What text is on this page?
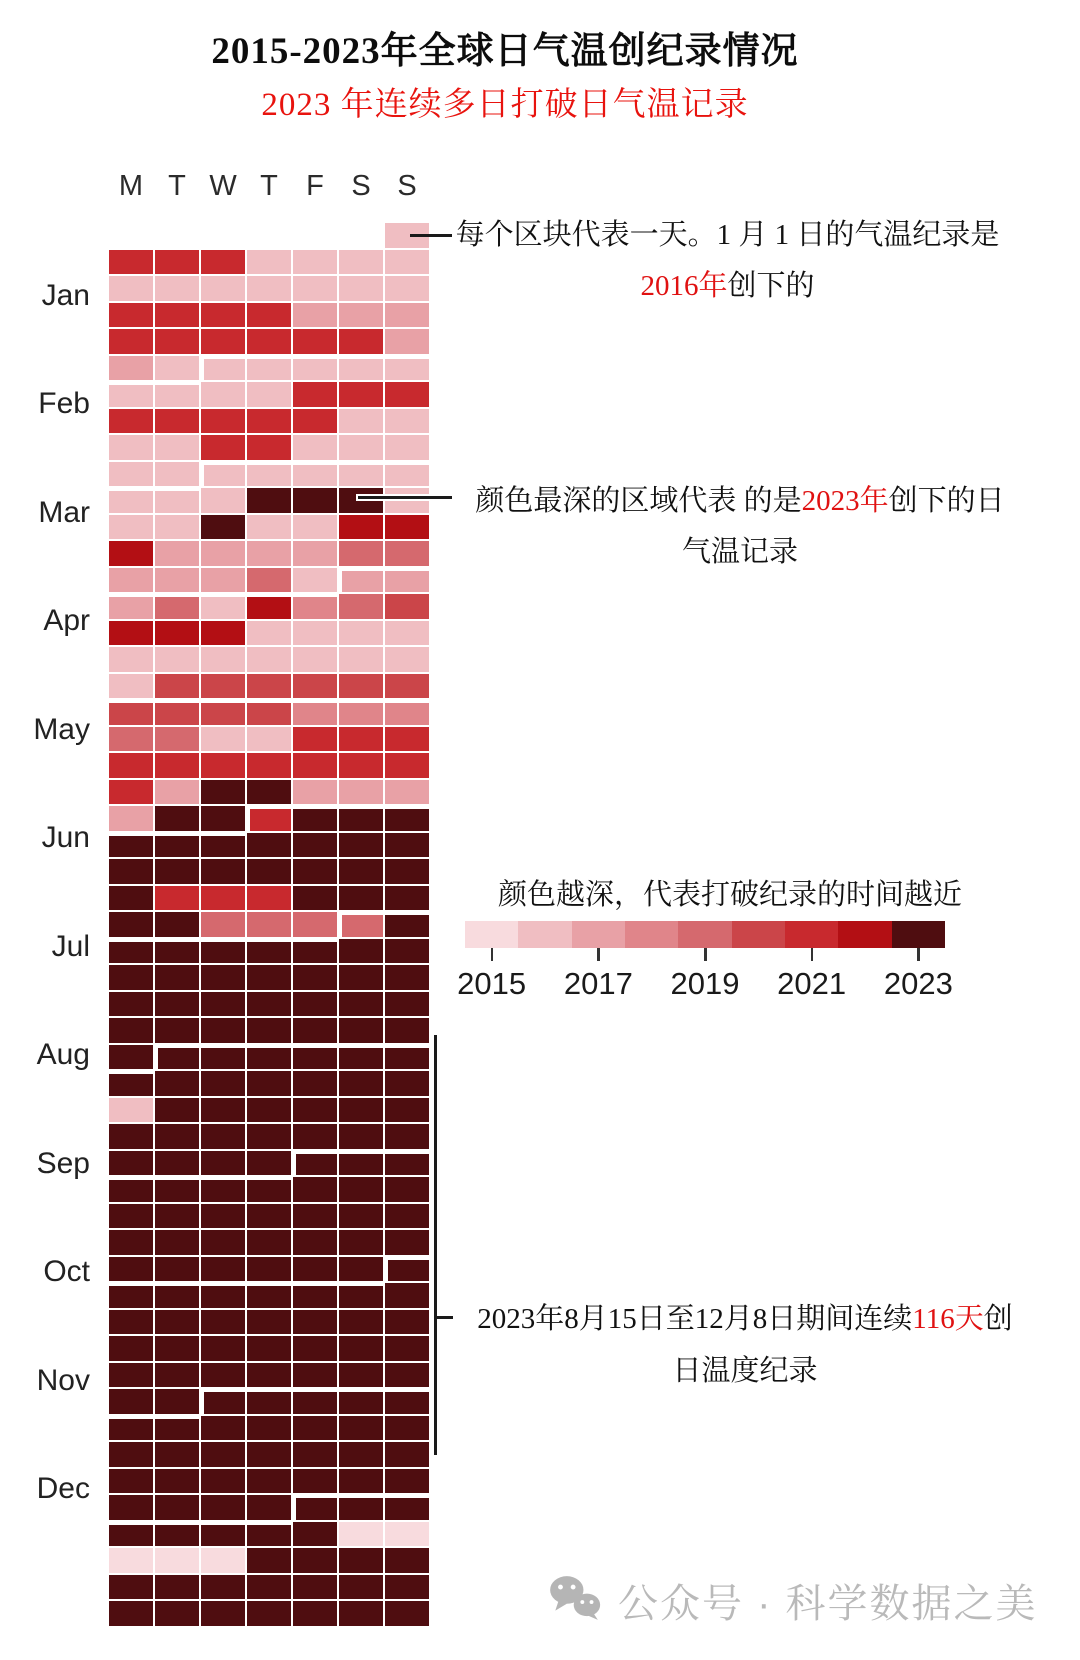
2015-2023年全球日气温创纪录情况
2023 年连续多日打破日气温记录
M T W T F S S
Jan
Feb
Mar
Apr
May
Jun
Jul
Aug
Sep
Oct
Nov
Dec
每个区块代表一天。1 月 1 日的气温纪录是
2016年创下的
颜色最深的区域代表 的是2023年创下的日
气温记录
颜色越深，代表打破纪录的时间越近
2015	2017	2019	2021	2023
2023年8月15日至12月8日期间连续116天创
日温度纪录
公众号 · 科学数据之美
